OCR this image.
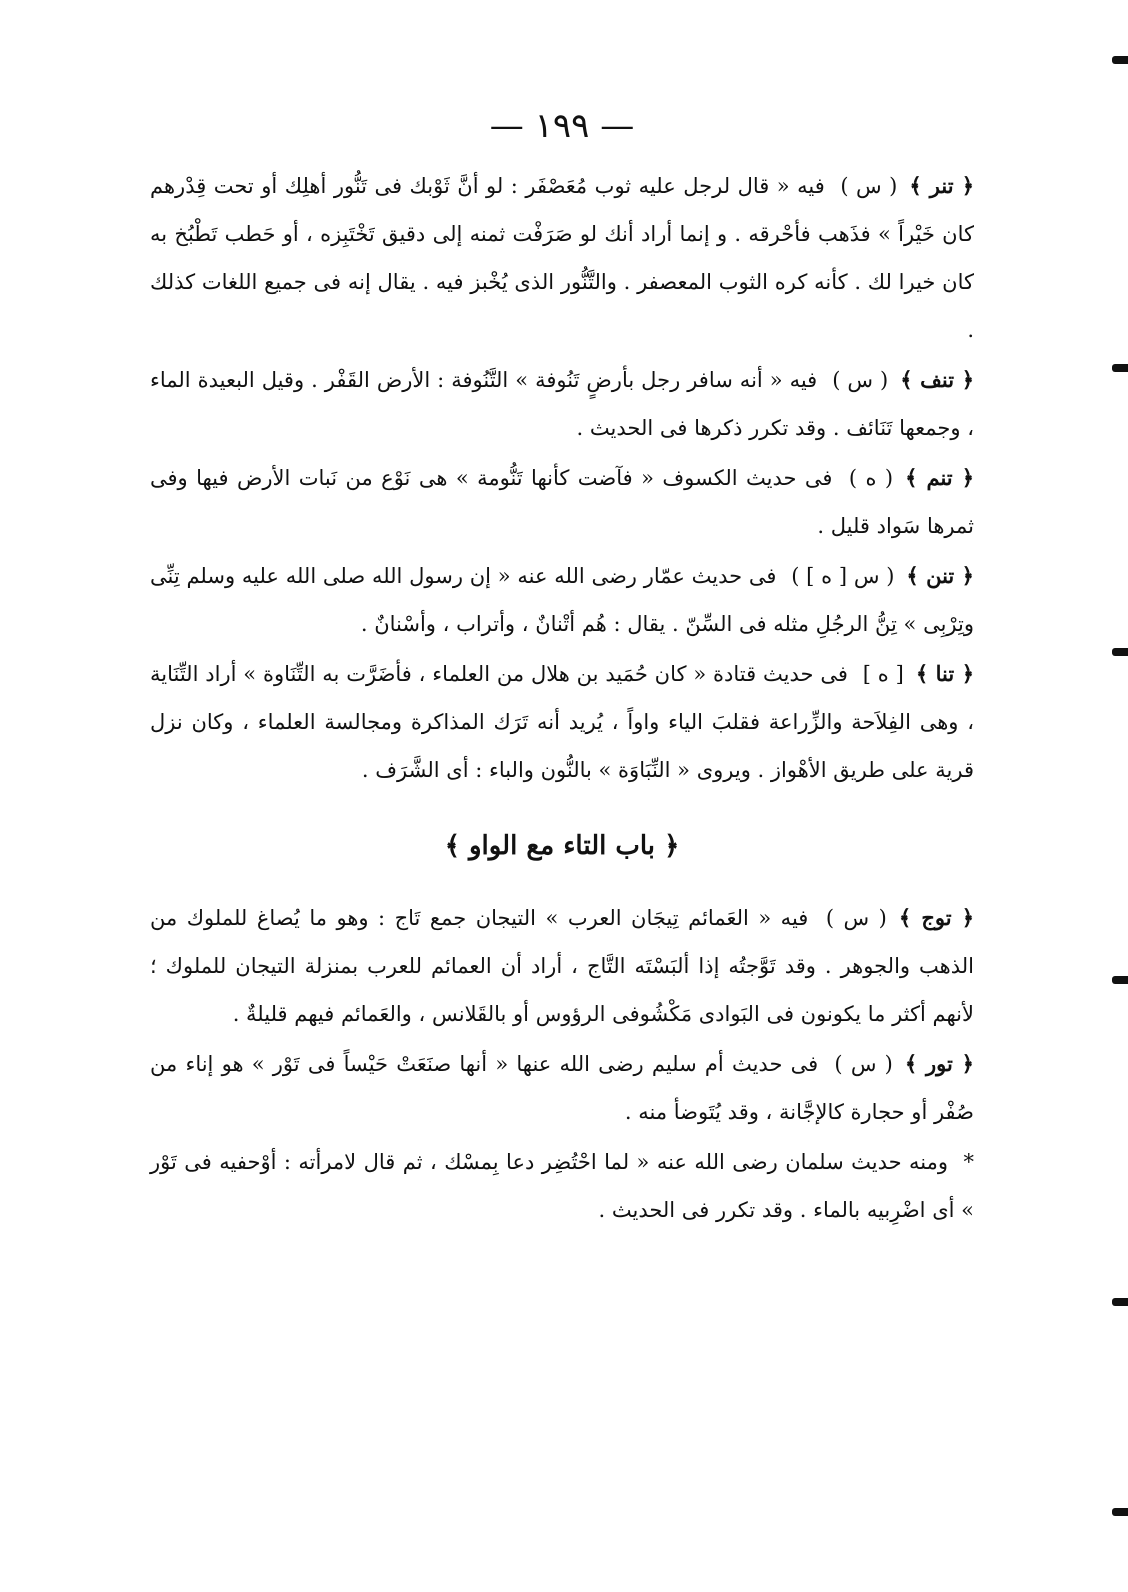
— ١٩٩ —

﴿ تنر ﴾( س ) فيه « قال لرجل عليه ثوب مُعَصْفَر : لو أنَّ ثَوْبك فى تَنُّور أهلِك أو تحت قِدْرهم كان خَيْراً » فذَهب فأحْرقه . و إنما أراد أنك لو صَرَفْت ثمنه إلى دقيق تَخْتَبِزه ، أو حَطب تَطْبُخ به كان خيرا لك . كأنه كره الثوب المعصفر . والتَّنُّور الذى يُخْبز فيه . يقال إنه فى جميع اللغات كذلك .

﴿ تنف ﴾( س ) فيه « أنه سافر رجل بأرضٍ تَنُوفة » التَّنُوفة : الأرض القَفْر . وقيل البعيدة الماء ، وجمعها تَنَائف . وقد تكرر ذكرها فى الحديث .

﴿ تنم ﴾( ه ) فى حديث الكسوف « فآضت كأنها تَنُّومة » هى نَوْع من نَبات الأرض فيها وفى ثمرها سَواد قليل .

﴿ تنن ﴾( س [ ه ] ) فى حديث عمّار رضى الله عنه « إن رسول الله صلى الله عليه وسلم تِنِّى وتِرْبِى » تِنُّ الرجُلِ مثله فى السِّنّ . يقال : هُم أتْنانٌ ، وأتراب ، وأسْنانٌ .

﴿ تنا ﴾[ ه ] فى حديث قتادة « كان حُمَيد بن هلال من العلماء ، فأضَرَّت به التِّنَاوة » أراد التِّنَاية ، وهى الفِلاَحة والزِّراعة فقلبَ الياء واواً ، يُريد أنه تَرَك المذاكرة ومجالسة العلماء ، وكان نزل قرية على طريق الأهْواز . ويروى « النِّبَاوَة » بالنُّون والباء : أى الشَّرَف .

﴿ باب التاء مع الواو ﴾

﴿ توج ﴾( س ) فيه « العَمائم تِيجَان العرب » التيجان جمع تَاج : وهو ما يُصاغ للملوك من الذهب والجوهر . وقد تَوَّجتُه إذا ألبَسْتَه التَّاج ، أراد أن العمائم للعرب بمنزلة التيجان للملوك ؛ لأنهم أكثر ما يكونون فى البَوادى مَكْشُوفى الرؤوس أو بالقَلانس ، والعَمائم فيهم قليلةٌ .

﴿ تور ﴾( س ) فى حديث أم سليم رضى الله عنها « أنها صنَعَتْ حَيْساً فى تَوْر » هو إناء من صُفْر أو حجارة كالإجَّانة ، وقد يُتَوضأ منه .

* ومنه حديث سلمان رضى الله عنه « لما احْتُضِر دعا بِمسْك ، ثم قال لامرأته : أوْحفيه فى تَوْر » أى اضْرِبيه بالماء . وقد تكرر فى الحديث .
